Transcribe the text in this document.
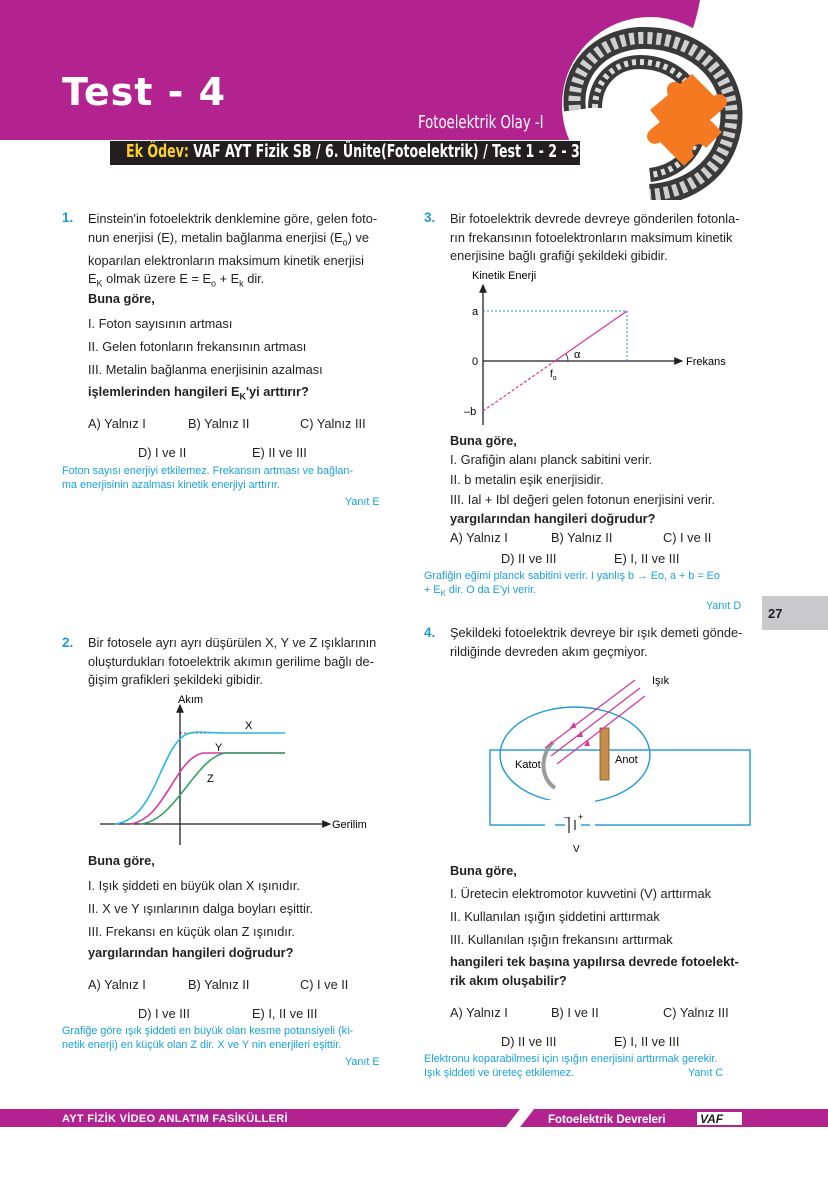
Test - 4
Fotoelektrik Olay -I
Ek Ödev: VAF AYT Fizik SB / 6. Ünite(Fotoelektrik) / Test 1 - 2 - 3
1. Einstein'in fotoelektrik denklemine göre, gelen foto-
nun enerjisi (E), metalin bağlanma enerjisi $(E_o)$ ve
koparılan elektronların maksimum kinetik enerjisi
$E_K$ olmak üzere $E = E_o + E_k$ dir.
Buna göre,
I. Foton sayısının artması
II. Gelen fotonların frekansının artması
III. Metalin bağlanma enerjisinin azalması
işlemlerinden hangileri $E_K'yi$ arttırır?
A) Yalnız I	B) Yalnız II	C) Yalnız III
D) I ve II	E) II ve III
Foton sayısı enerjiyi etkilemez. Frekansın artması ve bağlan-
ma enerjisinin azalması kinetik enerjiyi arttırır.
Yanıt E
2. Bir fotosele ayrı ayrı düşürülen X, Y ve Z ışıklarının
oluşturdukları fotoelektrik akımın gerilime bağlı de-
ğişim grafikleri şekildeki gibidir.
Akım
Gerilim
X
Y
Z
Buna göre,
I. Işık şiddeti en büyük olan X ışınıdır.
II. X ve Y ışınlarının dalga boyları eşittir.
III. Frekansı en küçük olan Z ışınıdır.
yargılarından hangileri doğrudur?
A) Yalnız I	B) Yalnız II	C) I ve II
D) I ve III	E) I, II ve III
Grafiğe göre ışık şiddeti en büyük olan kesme potansiyeli (ki-
netik enerji) en küçük olan Z dir. X ve Y nin enerjileri eşittir.
Yanıt E
3. Bir fotoelektrik devrede devreye gönderilen fotonla-
rın frekansının fotoelektronların maksimum kinetik
enerjisine bağlı grafiği şekildeki gibidir.
Kinetik Enerji
Frekans
a
0
–b
α
$f_o$
Buna göre,
I. Grafiğin alanı planck sabitini verir.
II. b metalin eşik enerjisidir.
III. Ial + Ibl değeri gelen fotonun enerjisini verir.
yargılarından hangileri doğrudur?
A) Yalnız I	B) Yalnız II	C) I ve II
D) II ve III	E) I, II ve III
Grafiğin eğimi planck sabitini verir. I yanlış b → Eo, a + b = Eo
+ $E_K$ dir. O da E'yi verir.
Yanıt D 27
4. Şekildeki fotoelektrik devreye bir ışık demeti gönde-
rildiğinde devreden akım geçmiyor.
– +
V
Katot	Anot
Işık
Buna göre,
I. Üretecin elektromotor kuvvetini (V) arttırmak
II. Kullanılan ışığın şiddetini arttırmak
III. Kullanılan ışığın frekansını arttırmak
hangileri tek başına yapılırsa devrede fotoelekt-
rik akım oluşabilir?
A) Yalnız I	B) I ve II	C) Yalnız III
D) II ve III	E) I, II ve III
Elektronu koparabilmesi için ışığın enerjisini arttırmak gerekir.
Işık şiddeti ve üreteç etkilemez.	Yanıt C
VAF
AYT FİZİK VİDEO ANLATIM FASİKÜLLERİ	Fotoelektrik Devreleri
